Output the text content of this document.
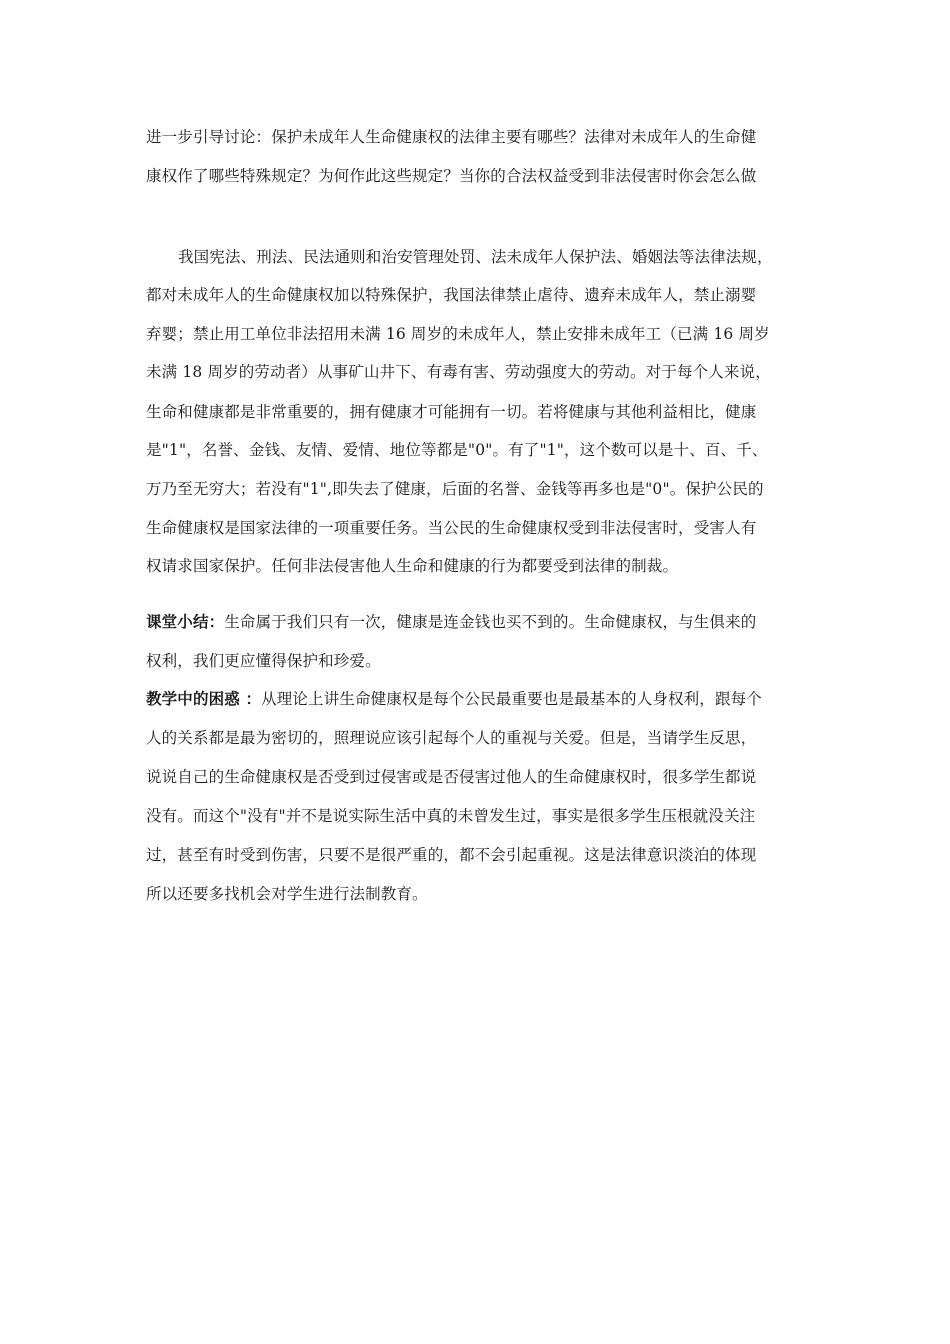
进一步引导讨论：保护未成年人生命健康权的法律主要有哪些？法律对未成年人的生命健
康权作了哪些特殊规定？为何作此这些规定？当你的合法权益受到非法侵害时你会怎么做
我国宪法、刑法、民法通则和治安管理处罚、法未成年人保护法、婚姻法等法律法规，
都对未成年人的生命健康权加以特殊保护，我国法律禁止虐待、遗弃未成年人，禁止溺婴
弃婴；禁止用工单位非法招用未满 16 周岁的未成年人，禁止安排未成年工（已满 16 周岁
未满 18 周岁的劳动者）从事矿山井下、有毒有害、劳动强度大的劳动。对于每个人来说，
生命和健康都是非常重要的，拥有健康才可能拥有一切。若将健康与其他利益相比，健康
是"1"，名誉、金钱、友情、爱情、地位等都是"0"。有了"1"，这个数可以是十、百、千、
万乃至无穷大；若没有"1",即失去了健康，后面的名誉、金钱等再多也是"0"。保护公民的
生命健康权是国家法律的一项重要任务。当公民的生命健康权受到非法侵害时，受害人有
权请求国家保护。任何非法侵害他人生命和健康的行为都要受到法律的制裁。
课堂小结：生命属于我们只有一次，健康是连金钱也买不到的。生命健康权，与生俱来的
权利，我们更应懂得保护和珍爱。
教学中的困惑 ：从理论上讲生命健康权是每个公民最重要也是最基本的人身权利，跟每个
人的关系都是最为密切的，照理说应该引起每个人的重视与关爱。但是，当请学生反思，
说说自己的生命健康权是否受到过侵害或是否侵害过他人的生命健康权时，很多学生都说
没有。而这个"没有"并不是说实际生活中真的未曾发生过，事实是很多学生压根就没关注
过，甚至有时受到伤害，只要不是很严重的，都不会引起重视。这是法律意识淡泊的体现
所以还要多找机会对学生进行法制教育。
